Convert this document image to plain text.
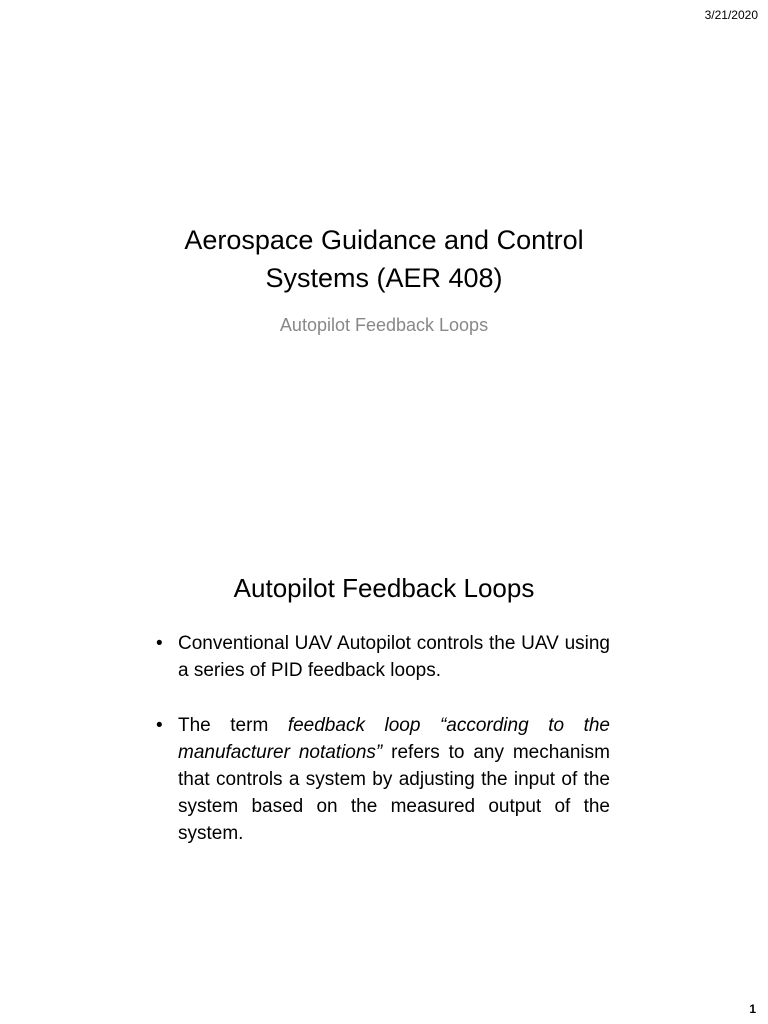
3/21/2020
Aerospace Guidance and Control
Systems (AER 408)
Autopilot Feedback Loops
Autopilot Feedback Loops
• Conventional UAV Autopilot controls the UAV using a series of PID feedback loops.
• The term feedback loop “according to the manufacturer notations” refers to any mechanism that controls a system by adjusting the input of the system based on the measured output of the system.
1
